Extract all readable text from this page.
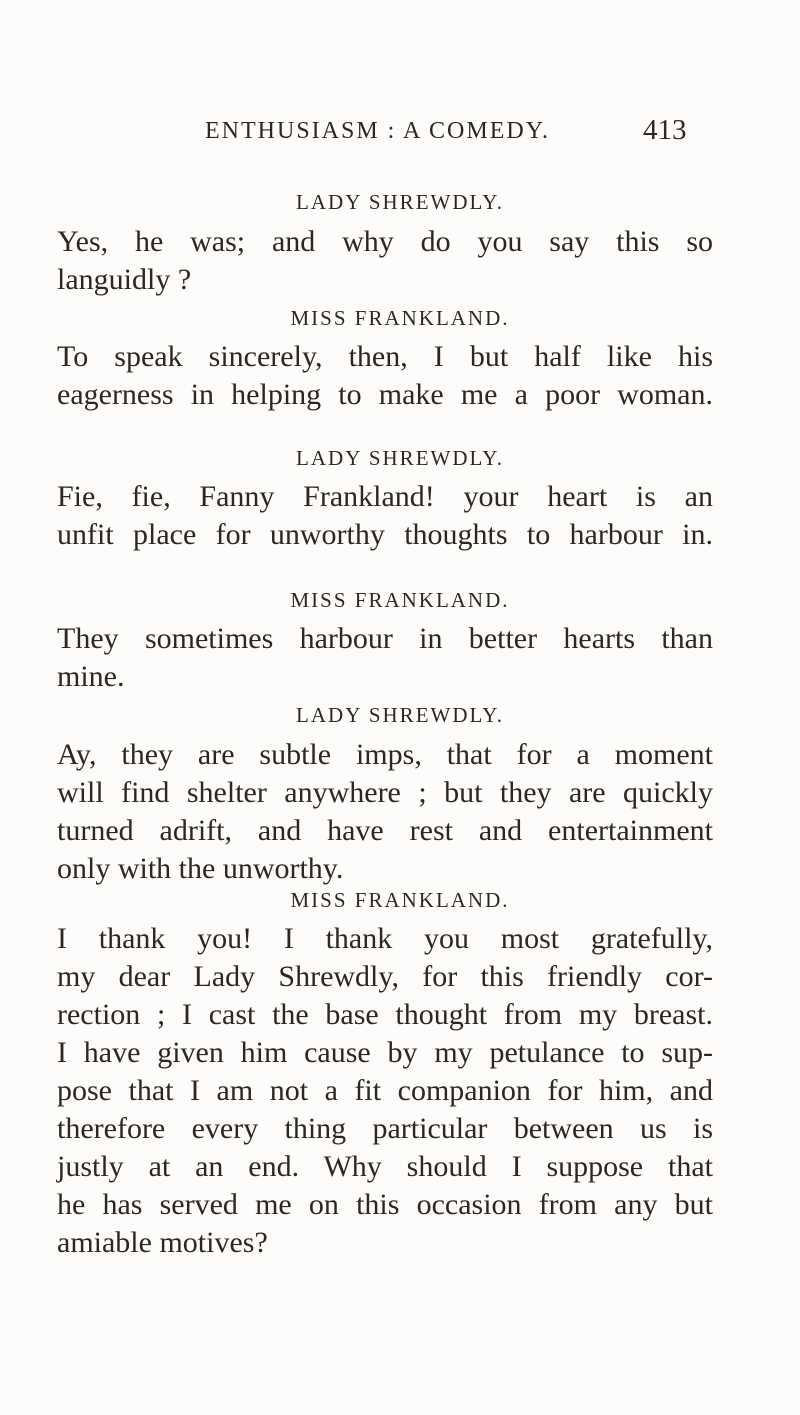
ENTHUSIASM : A COMEDY.	413
LADY SHREWDLY.
Yes, he was; and why do you say this so
languidly ?
MISS FRANKLAND.
To speak sincerely, then, I but half like his
eagerness in helping to make me a poor woman.
LADY SHREWDLY.
Fie, fie, Fanny Frankland! your heart is an
unfit place for unworthy thoughts to harbour in.
MISS FRANKLAND.
They sometimes harbour in better hearts than
mine.
LADY SHREWDLY.
Ay, they are subtle imps, that for a moment
will find shelter anywhere ; but they are quickly
turned adrift, and have rest and entertainment
only with the unworthy.
MISS FRANKLAND.
I thank you! I thank you most gratefully,
my dear Lady Shrewdly, for this friendly cor-
rection ; I cast the base thought from my breast.
I have given him cause by my petulance to sup-
pose that I am not a fit companion for him, and
therefore every thing particular between us is
justly at an end. Why should I suppose that
he has served me on this occasion from any but
amiable motives?
